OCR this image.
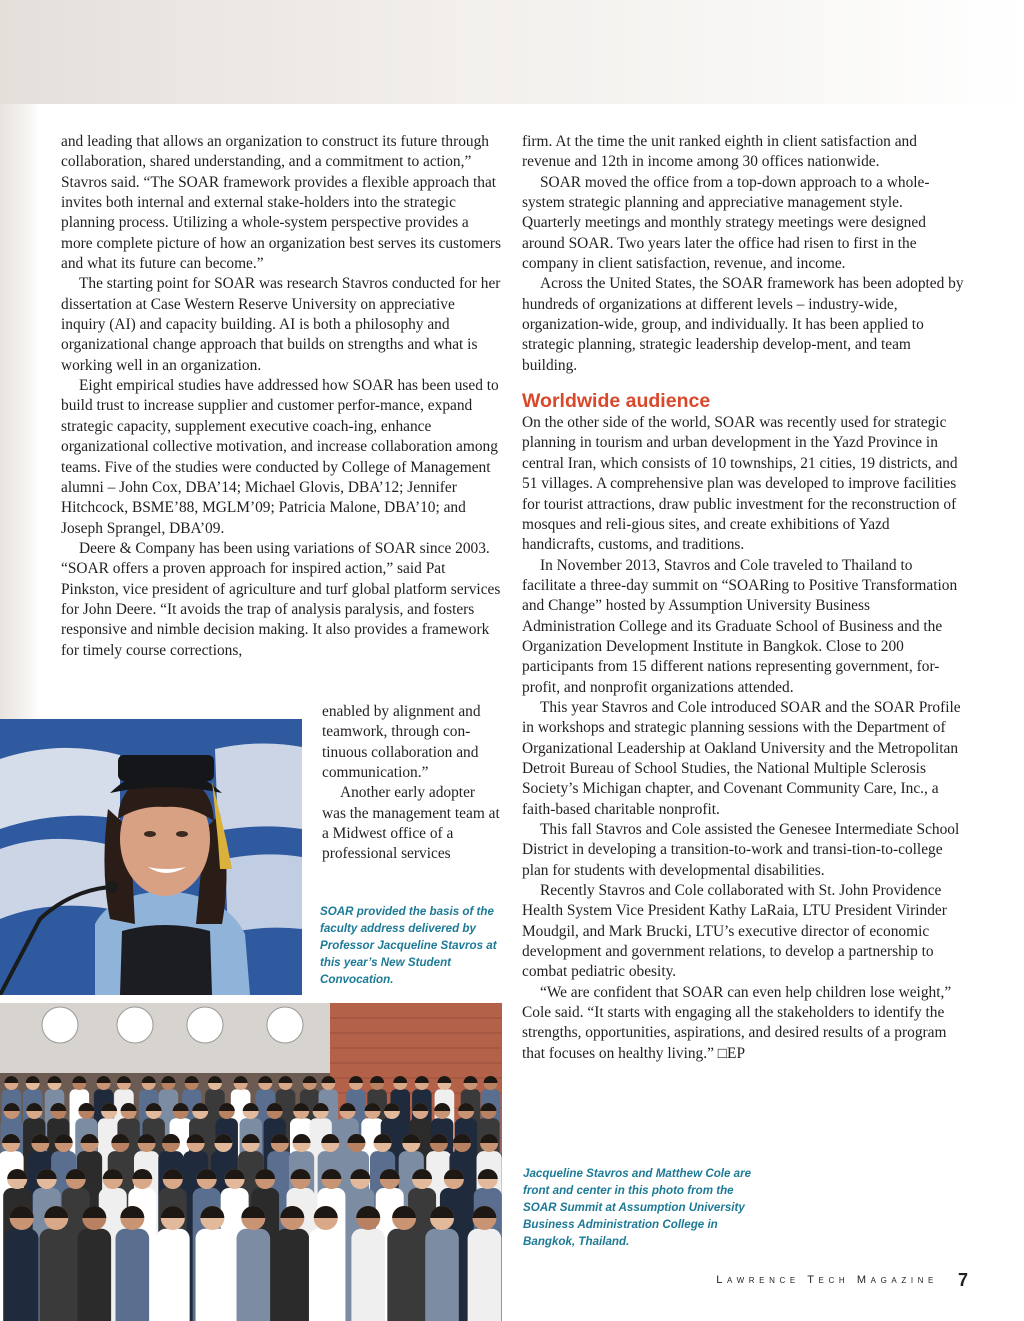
and leading that allows an organization to construct its future through collaboration, shared understanding, and a commitment to action,” Stavros said. “The SOAR framework provides a flexible approach that invites both internal and external stake-holders into the strategic planning process. Utilizing a whole-system perspective provides a more complete picture of how an organization best serves its customers and what its future can become.”

The starting point for SOAR was research Stavros conducted for her dissertation at Case Western Reserve University on appreciative inquiry (AI) and capacity building. AI is both a philosophy and organizational change approach that builds on strengths and what is working well in an organization.

Eight empirical studies have addressed how SOAR has been used to build trust to increase supplier and customer perfor-mance, expand strategic capacity, supplement executive coach-ing, enhance organizational collective motivation, and increase collaboration among teams. Five of the studies were conducted by College of Management alumni – John Cox, DBA’14; Michael Glovis, DBA’12; Jennifer Hitchcock, BSME’88, MGLM’09; Patricia Malone, DBA’10; and Joseph Sprangel, DBA’09.

Deere & Company has been using variations of SOAR since 2003. “SOAR offers a proven approach for inspired action,” said Pat Pinkston, vice president of agriculture and turf global platform services for John Deere. “It avoids the trap of analysis paralysis, and fosters responsive and nimble decision making. It also provides a framework for timely course corrections,

enabled by alignment and teamwork, through con-tinuous collaboration and communication.”

Another early adopter was the management team at a Midwest office of a professional services

firm. At the time the unit ranked eighth in client satisfaction and revenue and 12th in income among 30 offices nationwide.

SOAR moved the office from a top-down approach to a whole-system strategic planning and appreciative management style. Quarterly meetings and monthly strategy meetings were designed around SOAR. Two years later the office had risen to first in the company in client satisfaction, revenue, and income.

Across the United States, the SOAR framework has been adopted by hundreds of organizations at different levels – industry-wide, organization-wide, group, and individually. It has been applied to strategic planning, strategic leadership develop-ment, and team building.

Worldwide audience

On the other side of the world, SOAR was recently used for strategic planning in tourism and urban development in the Yazd Province in central Iran, which consists of 10 townships, 21 cities, 19 districts, and 51 villages. A comprehensive plan was developed to improve facilities for tourist attractions, draw public investment for the reconstruction of mosques and reli-gious sites, and create exhibitions of Yazd handicrafts, customs, and traditions.

In November 2013, Stavros and Cole traveled to Thailand to facilitate a three-day summit on “SOARing to Positive Transformation and Change” hosted by Assumption University Business Administration College and its Graduate School of Business and the Organization Development Institute in Bangkok. Close to 200 participants from 15 different nations representing government, for-profit, and nonprofit organizations attended.

This year Stavros and Cole introduced SOAR and the SOAR Profile in workshops and strategic planning sessions with the Department of Organizational Leadership at Oakland University and the Metropolitan Detroit Bureau of School Studies, the National Multiple Sclerosis Society’s Michigan chapter, and Covenant Community Care, Inc., a faith-based charitable nonprofit.

This fall Stavros and Cole assisted the Genesee Intermediate School District in developing a transition-to-work and transi-tion-to-college plan for students with developmental disabilities.

Recently Stavros and Cole collaborated with St. John Providence Health System Vice President Kathy LaRaia, LTU President Virinder Moudgil, and Mark Brucki, LTU’s executive director of economic development and government relations, to develop a partnership to combat pediatric obesity.

“We are confident that SOAR can even help children lose weight,” Cole said. “It starts with engaging all the stakeholders to identify the strengths, opportunities, aspirations, and desired results of a program that focuses on healthy living.” □EP

SOAR provided the basis of the faculty address delivered by Professor Jacqueline Stavros at this year’s New Student Convocation.
Jacqueline Stavros and Matthew Cole are front and center in this photo from the SOAR Summit at Assumption University Business Administration College in Bangkok, Thailand.
Lawrence Tech Magazine 7
